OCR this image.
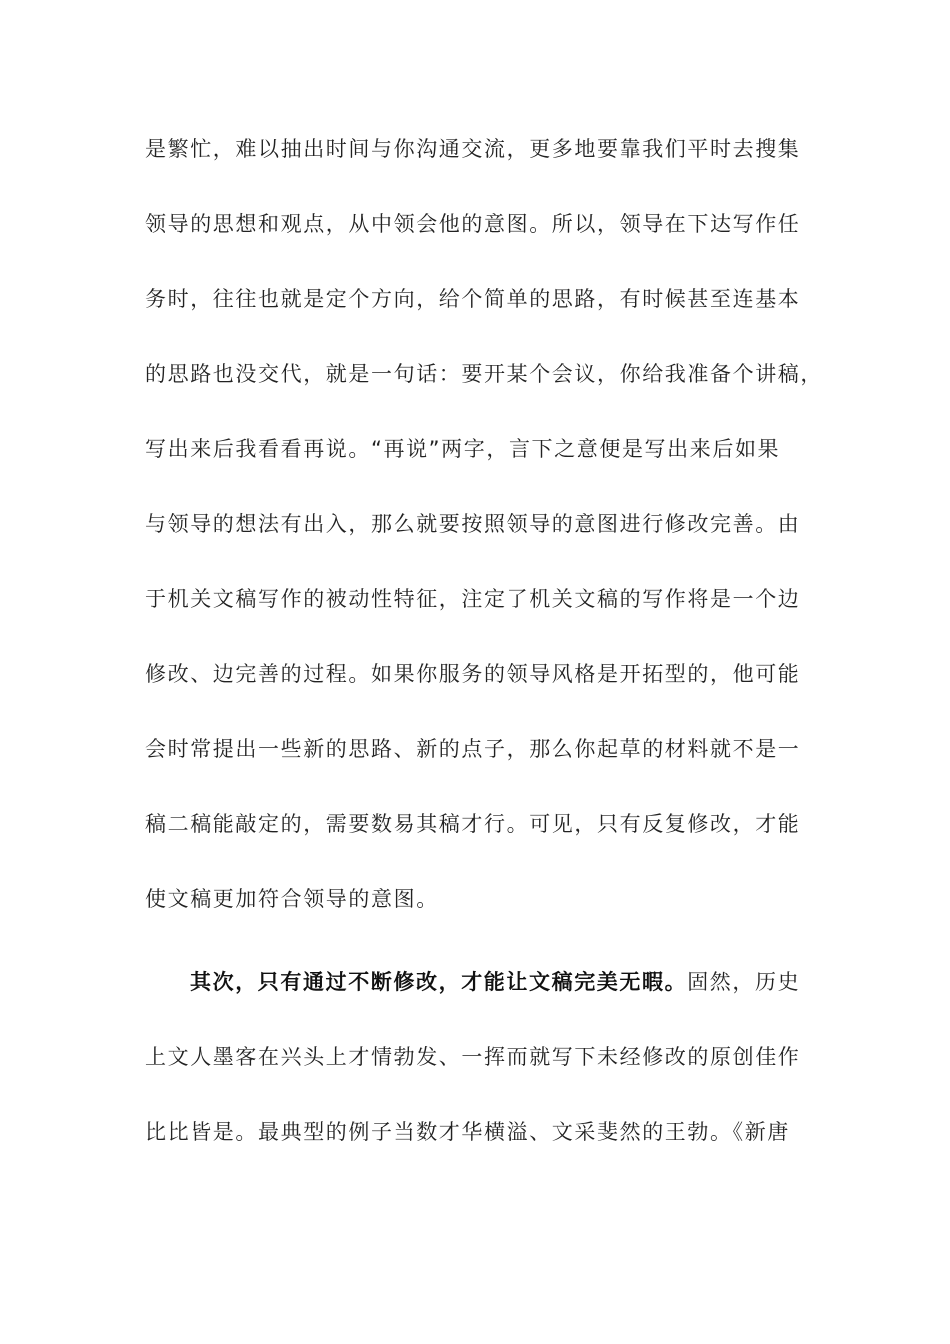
是繁忙，难以抽出时间与你沟通交流，更多地要靠我们平时去搜集
领导的思想和观点，从中领会他的意图。所以，领导在下达写作任
务时，往往也就是定个方向，给个简单的思路，有时候甚至连基本
的思路也没交代，就是一句话：要开某个会议，你给我准备个讲稿，
写出来后我看看再说。“再说”两字，言下之意便是写出来后如果
与领导的想法有出入，那么就要按照领导的意图进行修改完善。由
于机关文稿写作的被动性特征，注定了机关文稿的写作将是一个边
修改、边完善的过程。如果你服务的领导风格是开拓型的，他可能
会时常提出一些新的思路、新的点子，那么你起草的材料就不是一
稿二稿能敲定的，需要数易其稿才行。可见，只有反复修改，才能
使文稿更加符合领导的意图。
其次，只有通过不断修改，才能让文稿完美无暇。固然，历史
上文人墨客在兴头上才情勃发、一挥而就写下未经修改的原创佳作
比比皆是。最典型的例子当数才华横溢、文采斐然的王勃。《新唐
